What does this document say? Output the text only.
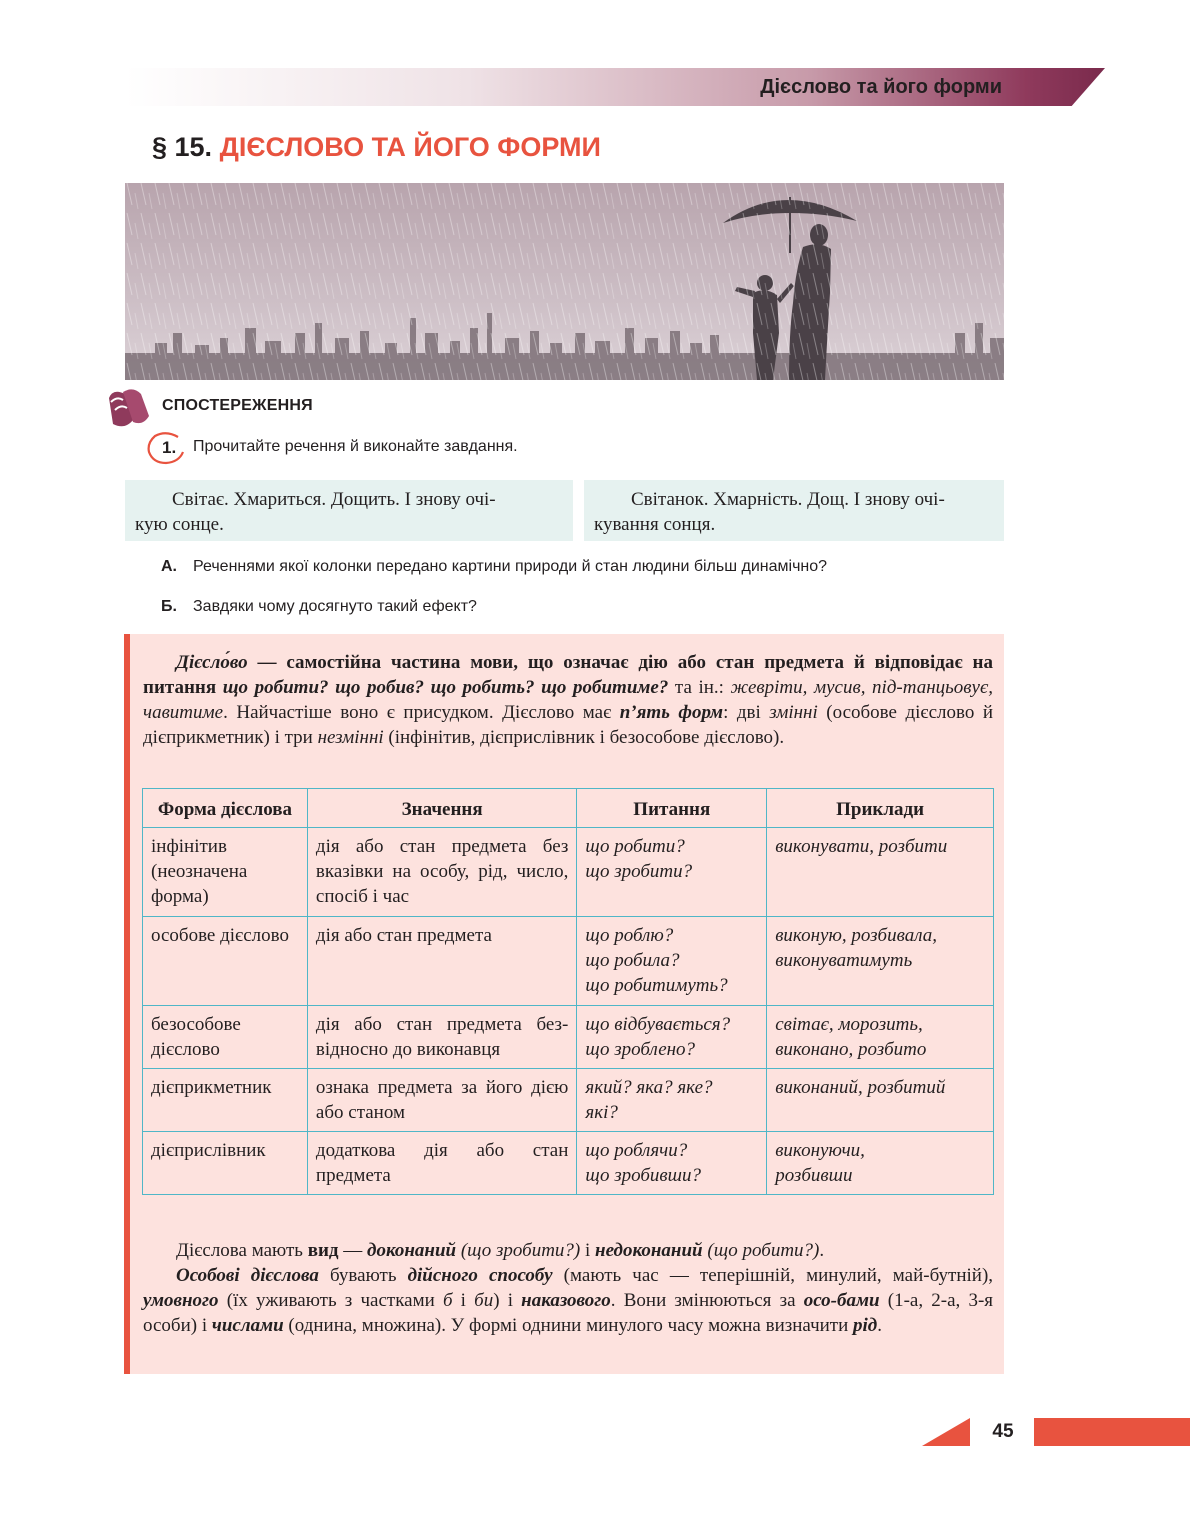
Дієслово та його форми
§ 15. ДІЄСЛОВО ТА ЙОГО ФОРМИ
СПОСТЕРЕЖЕННЯ
1. Прочитайте речення й виконайте завдання.
Світає. Хмариться. Дощить. І знову очі-
кую сонце.
Світанок. Хмарність. Дощ. І знову очі-
кування сонця.
А. Реченнями якої колонки передано картини природи й стан людини більш динамічно?
Б. Завдяки чому досягнуто такий ефект?

Дієсло́во — самостійна частина мови, що означає дію або стан предмета й відповідає на питання що робити? що робив? що робить? що робитиме? та ін.: жевріти, мусив, під-танцьовує, чавитиме. Найчастіше воно є присудком. Дієслово має п’ять форм: дві змінні (особове дієслово й дієприкметник) і три незмінні (інфінітив, дієприслівник і безособове дієслово).

Форма дієслова	Значення	Питання	Приклади
інфінітив (неозначена форма)	дія або стан предмета без вказівки на особу, рід, число, спосіб і час	що робити?
що зробити?	виконувати, розбити
особове дієслово	дія або стан предмета	що роблю?
що робила?
що робитимуть?	виконую, розбивала,
виконуватимуть
безособове дієслово	дія або стан предмета без-відносно до виконавця	що відбувається?
що зроблено?	світає, морозить,
виконано, розбито
дієприкметник	ознака предмета за його дією або станом	який? яка? яке?
які?	виконаний, розбитий
дієприслівник	додаткова дія або стан предмета	що роблячи?
що зробивши?	виконуючи,
розбивши

Дієслова мають вид — доконаний (що зробити?) і недоконаний (що робити?).

Особові дієслова бувають дійсного способу (мають час — теперішній, минулий, май-бутній), умовного (їх уживають з частками б і би) і наказового. Вони змінюються за осо-бами (1-а, 2-а, 3-я особи) і числами (однина, множина). У формі однини минулого часу можна визначити рід.

45
